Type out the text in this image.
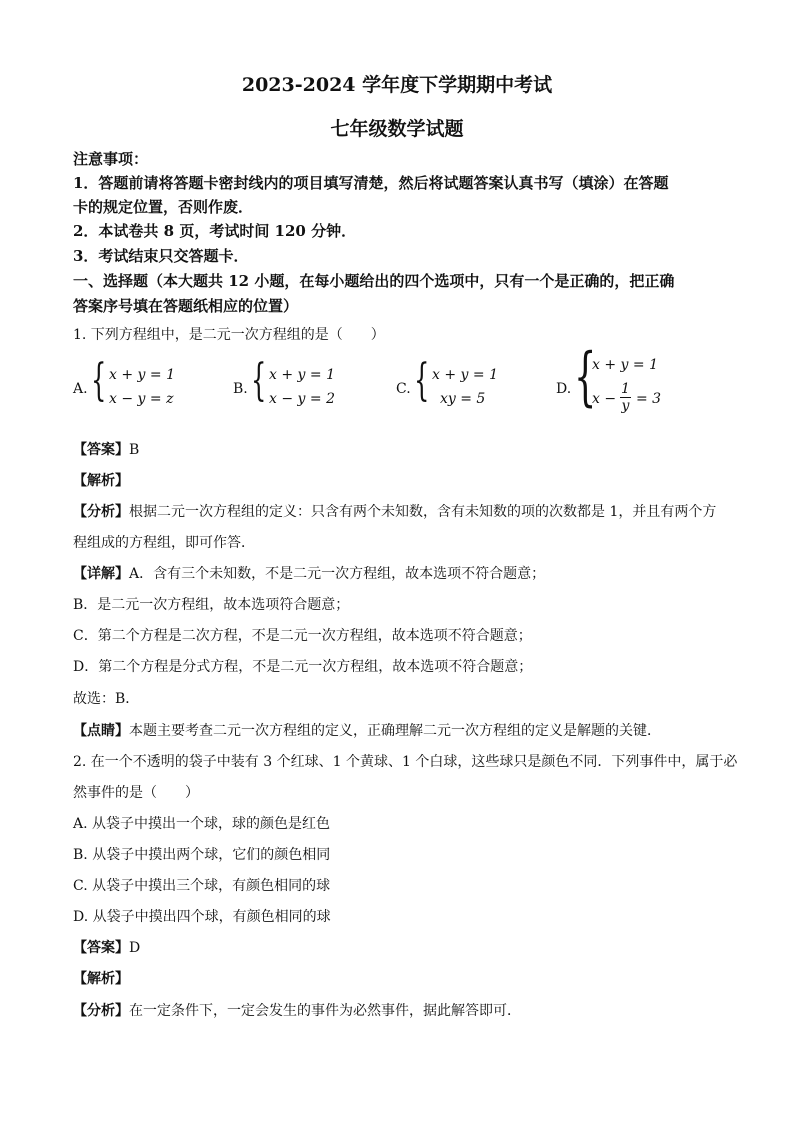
2023-2024 学年度下学期期中考试
七年级数学试题
注意事项：
1．答题前请将答题卡密封线内的项目填写清楚，然后将试题答案认真书写（填涂）在答题
卡的规定位置，否则作废．
2．本试卷共 8 页，考试时间 120 分钟．
3．考试结束只交答题卡．
一、选择题（本大题共 12 小题，在每小题给出的四个选项中，只有一个是正确的，把正确
答案序号填在答题纸相应的位置）
1. 下列方程组中，是二元一次方程组的是（　　）
A. { x + y = 1
x − y = z
B. { x + y = 1
x − y = 2
C. { x + y = 1
xy = 5
D. {
x + y = 1
$x - \frac{1}{y} = 3$
【答案】B
【解析】
【分析】根据二元一次方程组的定义：只含有两个未知数，含有未知数的项的次数都是 1，并且有两个方
程组成的方程组，即可作答．
【详解】A．含有三个未知数，不是二元一次方程组，故本选项不符合题意；
B．是二元一次方程组，故本选项符合题意；
C．第二个方程是二次方程，不是二元一次方程组，故本选项不符合题意；
D．第二个方程是分式方程，不是二元一次方程组，故本选项不符合题意；
故选：B．
【点睛】本题主要考查二元一次方程组的定义，正确理解二元一次方程组的定义是解题的关键．
2. 在一个不透明的袋子中装有 3 个红球、1 个黄球、1 个白球，这些球只是颜色不同．下列事件中，属于必
然事件的是（　　）
A. 从袋子中摸出一个球，球的颜色是红色
B. 从袋子中摸出两个球，它们的颜色相同
C. 从袋子中摸出三个球，有颜色相同的球
D. 从袋子中摸出四个球，有颜色相同的球
【答案】D
【解析】
【分析】在一定条件下，一定会发生的事件为必然事件，据此解答即可．
